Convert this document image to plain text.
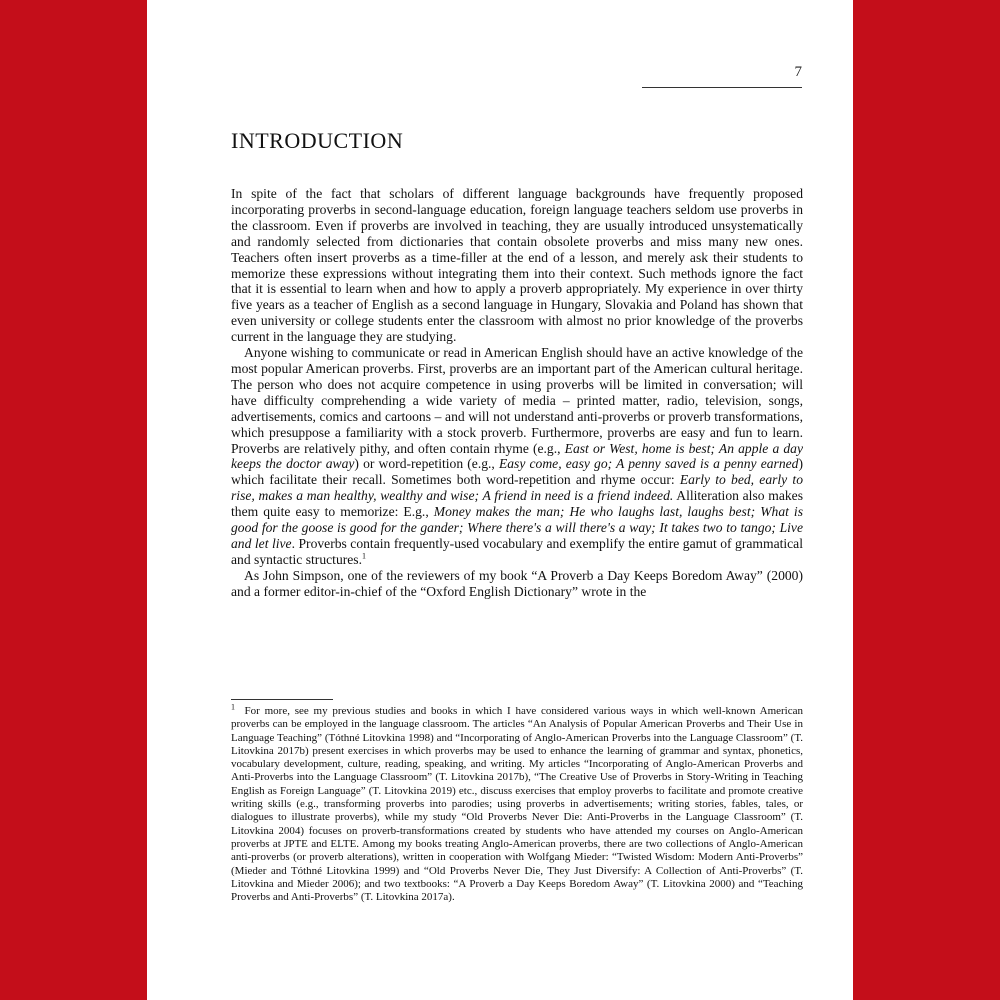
7
INTRODUCTION

In spite of the fact that scholars of different language backgrounds have frequently proposed incorporating proverbs in second-language education, foreign language teachers seldom use proverbs in the classroom. Even if proverbs are involved in teaching, they are usually introduced unsystematically and randomly selected from dictionaries that contain obsolete proverbs and miss many new ones. Teachers often insert proverbs as a time-filler at the end of a lesson, and merely ask their students to memorize these expressions without integrating them into their context. Such methods ignore the fact that it is essential to learn when and how to apply a proverb appropriately. My experience in over thirty five years as a teacher of English as a second language in Hungary, Slovakia and Poland has shown that even university or college students enter the classroom with almost no prior knowledge of the proverbs current in the language they are studying.

Anyone wishing to communicate or read in American English should have an active knowledge of the most popular American proverbs. First, proverbs are an important part of the American cultural heritage. The person who does not acquire competence in using proverbs will be limited in conversation; will have difficulty comprehending a wide variety of media – printed matter, radio, television, songs, advertisements, comics and cartoons – and will not understand anti-proverbs or proverb transformations, which presuppose a familiarity with a stock proverb. Furthermore, proverbs are easy and fun to learn. Proverbs are relatively pithy, and often contain rhyme (e.g., East or West, home is best; An apple a day keeps the doctor away) or word-repetition (e.g., Easy come, easy go; A penny saved is a penny earned) which facilitate their recall. Sometimes both word-repetition and rhyme occur: Early to bed, early to rise, makes a man healthy, wealthy and wise; A friend in need is a friend indeed. Alliteration also makes them quite easy to memorize: E.g., Money makes the man; He who laughs last, laughs best; What is good for the goose is good for the gander; Where there's a will there's a way; It takes two to tango; Live and let live. Proverbs contain frequently-used vocabulary and exemplify the entire gamut of grammatical and syntactic structures.$^1$

As John Simpson, one of the reviewers of my book “A Proverb a Day Keeps Boredom Away” (2000) and a former editor-in-chief of the “Oxford English Dictionary” wrote in the

$^1$ For more, see my previous studies and books in which I have considered various ways in which well-known American proverbs can be employed in the language classroom. The articles “An Analysis of Popular American Proverbs and Their Use in Language Teaching” (Tóthné Litovkina 1998) and “Incorporating of Anglo-American Proverbs into the Language Classroom” (T. Litovkina 2017b) present exercises in which proverbs may be used to enhance the learning of grammar and syntax, phonetics, vocabulary development, culture, reading, speaking, and writing. My articles “Incorporating of Anglo-American Proverbs and Anti-Proverbs into the Language Classroom” (T. Litovkina 2017b), “The Creative Use of Proverbs in Story-Writing in Teaching English as Foreign Language” (T. Litovkina 2019) etc., discuss exercises that employ proverbs to facilitate and promote creative writing skills (e.g., transforming proverbs into parodies; using proverbs in advertisements; writing stories, fables, tales, or dialogues to illustrate proverbs), while my study “Old Proverbs Never Die: Anti-Proverbs in the Language Classroom” (T. Litovkina 2004) focuses on proverb-transformations created by students who have attended my courses on Anglo-American proverbs at JPTE and ELTE. Among my books treating Anglo-American proverbs, there are two collections of Anglo-American anti-proverbs (or proverb alterations), written in cooperation with Wolfgang Mieder: “Twisted Wisdom: Modern Anti-Proverbs” (Mieder and Tóthné Litovkina 1999) and “Old Proverbs Never Die, They Just Diversify: A Collection of Anti-Proverbs” (T. Litovkina and Mieder 2006); and two textbooks: “A Proverb a Day Keeps Boredom Away” (T. Litovkina 2000) and “Teaching Proverbs and Anti-Proverbs” (T. Litovkina 2017a).
